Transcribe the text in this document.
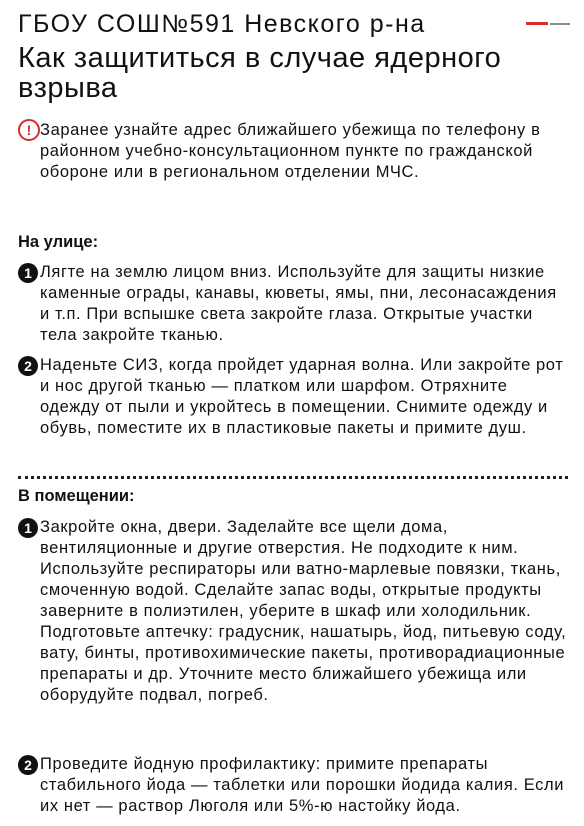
ГБОУ СОШ№591 Невского р-на
Как защититься в случае ядерного взрыва
! Заранее узнайте адрес ближайшего убежища по телефону в районном учебно-консультационном пункте по гражданской обороне или в региональном отделении МЧС.
На улице:
1 Лягте на землю лицом вниз. Используйте для защиты низкие каменные ограды, канавы, кюветы, ямы, пни, лесонасаждения и т.п. При вспышке света закройте глаза. Открытые участки тела закройте тканью.
2 Наденьте СИЗ, когда пройдет ударная волна. Или закройте рот и нос другой тканью — платком или шарфом. Отряхните одежду от пыли и укройтесь в помещении. Снимите одежду и обувь, поместите их в пластиковые пакеты и примите душ.
В помещении:
1 Закройте окна, двери. Заделайте все щели дома, вентиляционные и другие отверстия. Не подходите к ним. Используйте респираторы или ватно-марлевые повязки, ткань, смоченную водой. Сделайте запас воды, открытые продукты заверните в полиэтилен, уберите в шкаф или холодильник. Подготовьте аптечку: градусник, нашатырь, йод, питьевую соду, вату, бинты, противохимические пакеты, противорадиационные препараты и др. Уточните место ближайшего убежища или оборудуйте подвал, погреб.
2 Проведите йодную профилактику: примите препараты стабильного йода — таблетки или порошки йодида калия. Если их нет — раствор Люголя или 5%-ю настойку йода.
